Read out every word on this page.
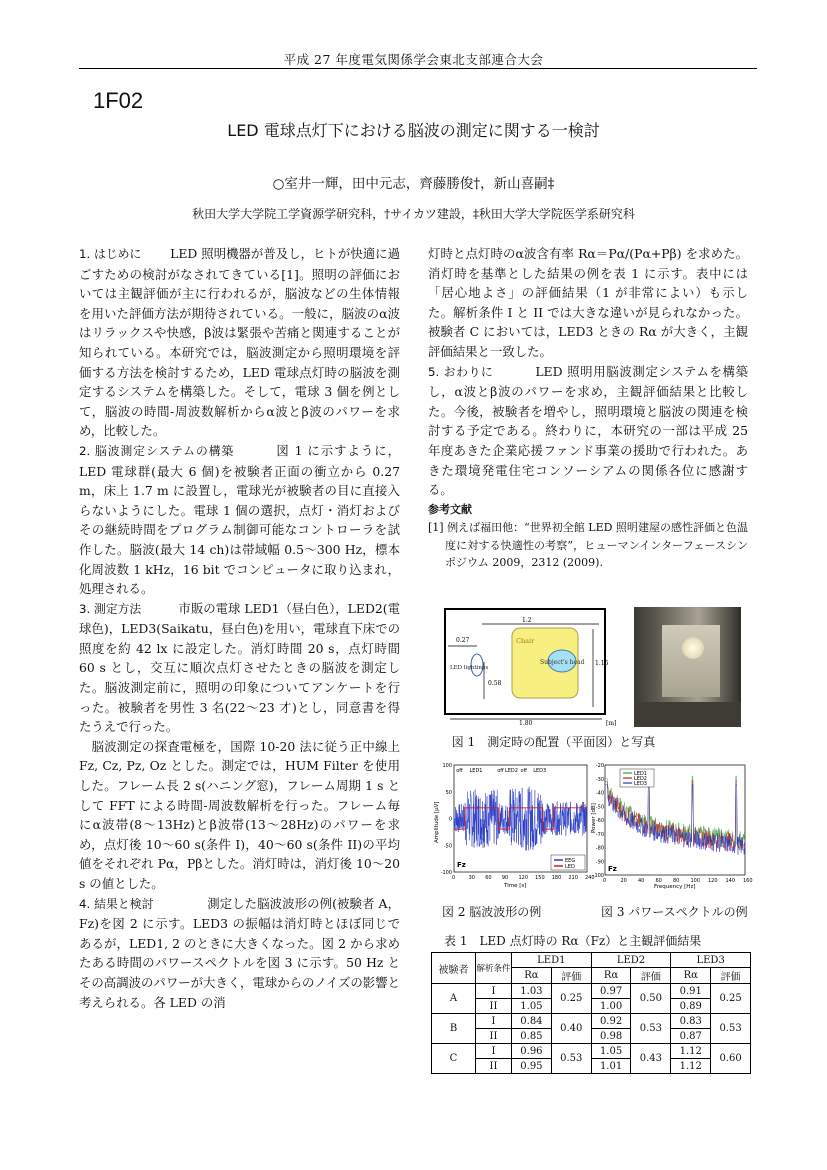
平成 27 年度電気関係学会東北支部連合大会
1F02
LED 電球点灯下における脳波の測定に関する一検討
○室井一輝，田中元志，齊藤勝俊†，新山喜嗣‡
秋田大学大学院工学資源学研究科，†サイカツ建設，‡秋田大学大学院医学系研究科

1. はじめに   LED 照明機器が普及し，ヒトが快適に過ごすための検討がなされてきている[1]。照明の評価においては主観評価が主に行われるが，脳波などの生体情報を用いた評価方法が期待されている。一般に，脳波のα波はリラックスや快感，β波は緊張や苦痛と関連することが知られている。本研究では，脳波測定から照明環境を評価する方法を検討するため，LED 電球点灯時の脳波を測定するシステムを構築した。そして，電球 3 個を例として，脳波の時間-周波数解析からα波とβ波のパワーを求め，比較した。

2. 脳波測定システムの構築   	図 1 に示すように，LED 電球群(最大 6 個)を被験者正面の衝立から 0.27 m，床上 1.7 m に設置し，電球光が被験者の目に直接入らないようにした。電球 1 個の選択，点灯・消灯およびその継続時間をプログラム制御可能なコントローラを試作した。脳波(最大 14 ch)は帯域幅 0.5～300 Hz，標本化周波数 1 kHz，16 bit でコンピュータに取り込まれ，処理される。

3. 測定方法   	市販の電球 LED1（昼白色），LED2(電球色)，LED3(Saikatu，昼白色)を用い，電球直下床での照度を約 42 lx に設定した。消灯時間 20 s，点灯時間 60 s とし，交互に順次点灯させたときの脳波を測定した。脳波測定前に，照明の印象についてアンケートを行った。被験者を男性 3 名(22～23 才)とし，同意書を得たうえで行った。

 脳波測定の探査電極を，国際 10-20 法に従う正中線上 Fz, Cz, Pz, Oz とした。測定では，HUM Filter を使用した。フレーム長 2 s(ハニング窓)，フレーム周期 1 s として FFT による時間-周波数解析を行った。フレーム毎にα波帯(8～13Hz)とβ波帯(13～28Hz)のパワーを求め，点灯後 10～60 s(条件 I)，40～60 s(条件 II)の平均値をそれぞれ Pα，Pβとした。消灯時は，消灯後 10～20 s の値とした。

4. 結果と検討    	測定した脳波波形の例(被験者 A，Fz)を図 2 に示す。LED3 の振幅は消灯時とほぼ同じであるが，LED1, 2 のときに大きくなった。図 2 から求めたある時間のパワースペクトルを図 3 に示す。50 Hz とその高調波のパワーが大きく，電球からのノイズの影響と考えられる。各 LED の消

灯時と点灯時のα波含有率 Rα＝Pα/(Pα+Pβ) を求めた。消灯時を基準とした結果の例を表 1 に示す。表中には「居心地よさ」の評価結果（1 が非常によい）も示した。解析条件 I と II では大きな違いが見られなかった。被験者 C においては，LED3 ときの Rα が大きく，主観評価結果と一致した。

5. おわりに   	LED 照明用脳波測定システムを構築し，α波とβ波のパワーを求め，主観評価結果と比較した。今後，被験者を増やし，照明環境と脳波の関連を検討する予定である。終わりに，本研究の一部は平成 25 年度あきた企業応援ファンド事業の援助で行われた。あきた環境発電住宅コンソーシアムの関係各位に感謝する。

参考文献
[1] 例えば福田他：“世界初全館 LED 照明建屋の感性評価と色温度に対する快適性の考察”，ヒューマンインターフェースシンポジウム 2009，2312 (2009).
1.2
0.27
1.16
0.58
1.80	[m]
Chair
Subject's head
LED lightings
図 1　測定時の配置（平面図）と写真
Amplitude [μV]
Time [s]
Fz
off LED1	off LED2 off LED3
0	30 60 90 120 150 180 210 240
100
50
0
-50
-100
EEG
LED
Power [dB]
Frequency [Hz]
Fz
0	20 40 60 80 100 120 140 160
-20
-30
-40
-50
-60
-70
-80
-90
-100
LED1
LED2
LED3
図 2 脳波波形の例	図 3 パワースペクトルの例
表 1　LED 点灯時の Rα（Fz）と主観評価結果
被験者	解析条件	LED1		LED2		LED3	
		Rα	評価	Rα	評価	Rα	評価
A	I	1.03	0.25	0.97	0.50	0.91	0.25
	II	1.05		1.00		0.89	
B	I	0.84	0.40	0.92	0.53	0.83	0.53
	II	0.85		0.98		0.87	
C	I	0.96	0.53	1.05	0.43	1.12	0.60
	II	0.95		1.01		1.12	
